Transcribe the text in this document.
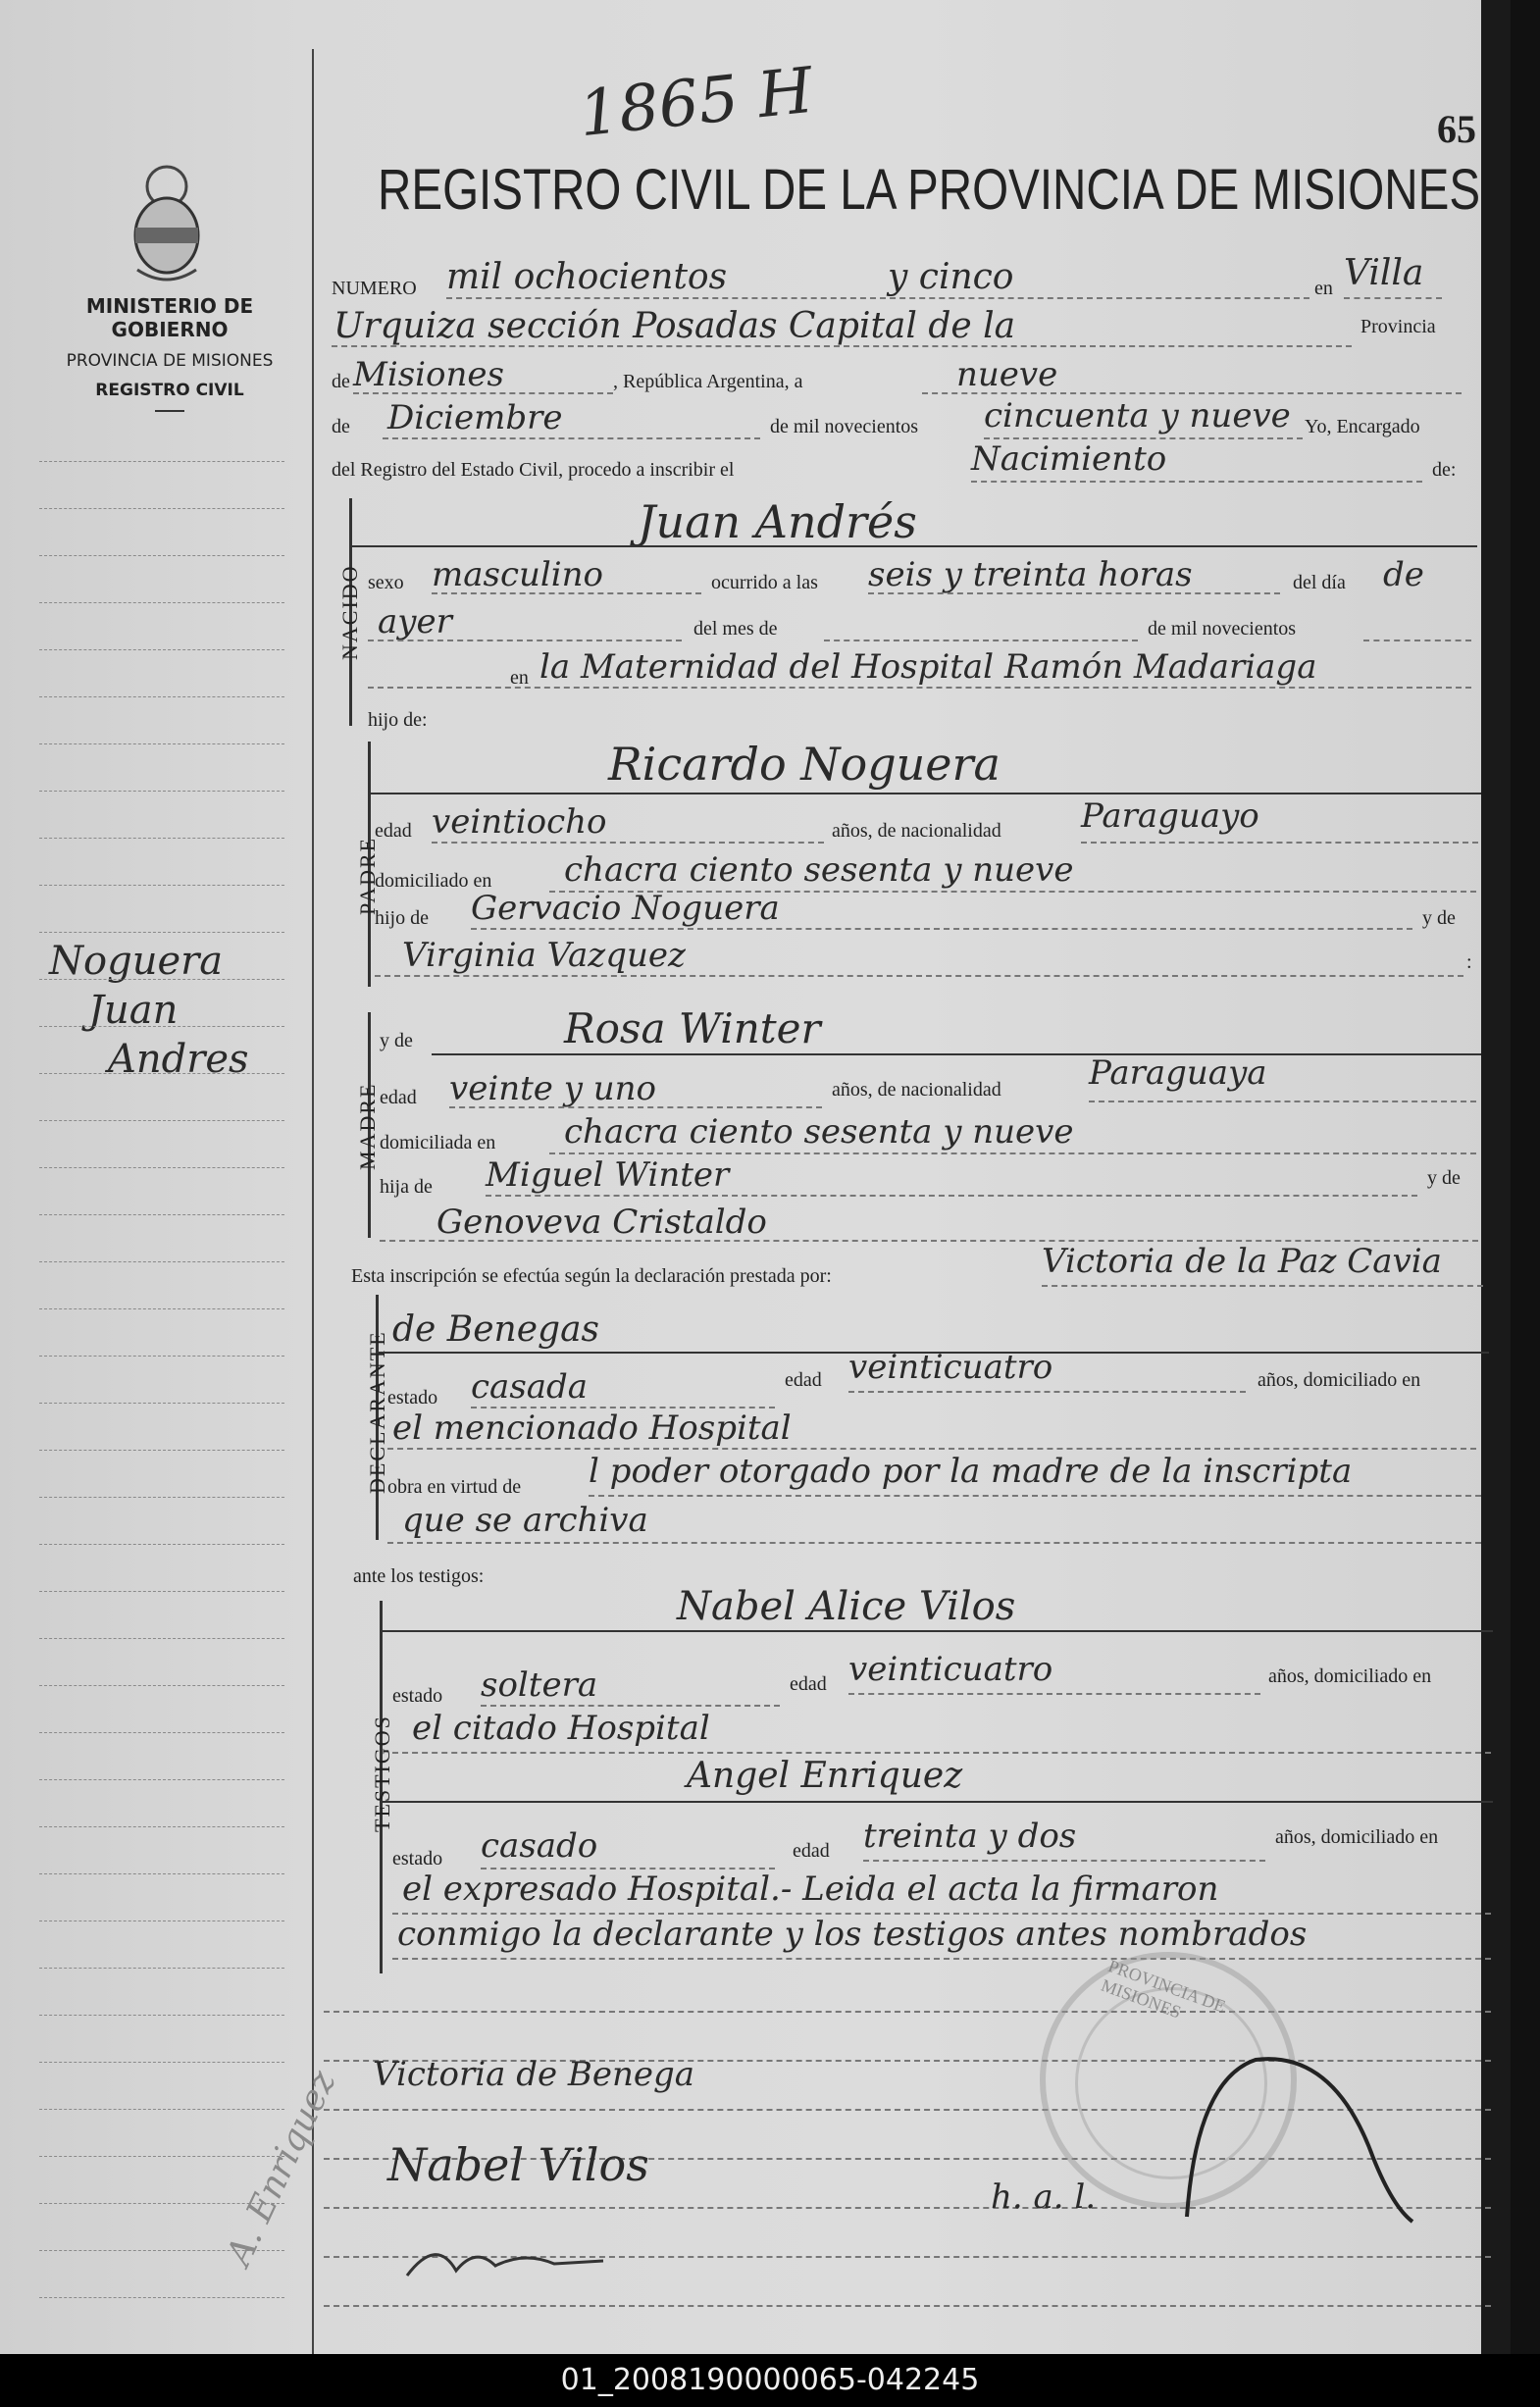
1865 H	65
MINISTERIO DE GOBIERNO
PROVINCIA DE MISIONES
REGISTRO CIVIL
Noguera
Juan
Andres
REGISTRO CIVIL DE LA PROVINCIA DE MISIONES
NUMERO mil ochocientos	y cinco	en Villa
Urquiza sección Posadas Capital de la	Provincia
de Misiones	, República Argentina, a	nueve
de Diciembre	de mil novecientos cincuenta y nueve Yo, Encargado
del Registro del Estado Civil, procedo a inscribir el	Nacimiento	de:
NACIDO
Juan Andrés
sexo masculino	ocurrido a las seis y treinta horas	del día de
ayer	del mes de	de mil novecientos
en la Maternidad del Hospital Ramón Madariaga
hijo de:
PADRE
Ricardo Noguera
edad veintiocho	años, de nacionalidad Paraguayo
domiciliado en chacra ciento sesenta y nueve
hijo de Gervacio Noguera	y de
Virginia Vazquez	:
MADRE
y de	Rosa Winter
edad veinte y uno	años, de nacionalidad	Paraguaya
domiciliada en chacra ciento sesenta y nueve
hija de Miguel Winter	y de
Genoveva Cristaldo
Esta inscripción se efectúa según la declaración prestada por:	Victoria de la Paz Cavia
DECLARANTE
de Benegas
estado casada	edad veinticuatro	años, domiciliado en
el mencionado Hospital
obra en virtud de l poder otorgado por la madre de la inscripta
que se archiva
ante los testigos:
TESTIGOS
Nabel Alice Vilos
estado soltera	edad veinticuatro	años, domiciliado en
el citado Hospital
Angel Enriquez
estado casado	edad treinta y dos	años, domiciliado en
el expresado Hospital.- Leida el acta la firmaron
conmigo la declarante y los testigos antes nombrados
PROVINCIA DE MISIONES
Victoria de Benega
Nabel Vilos
A. Enriquez	h. a. l.
01_2008190000065-042245
